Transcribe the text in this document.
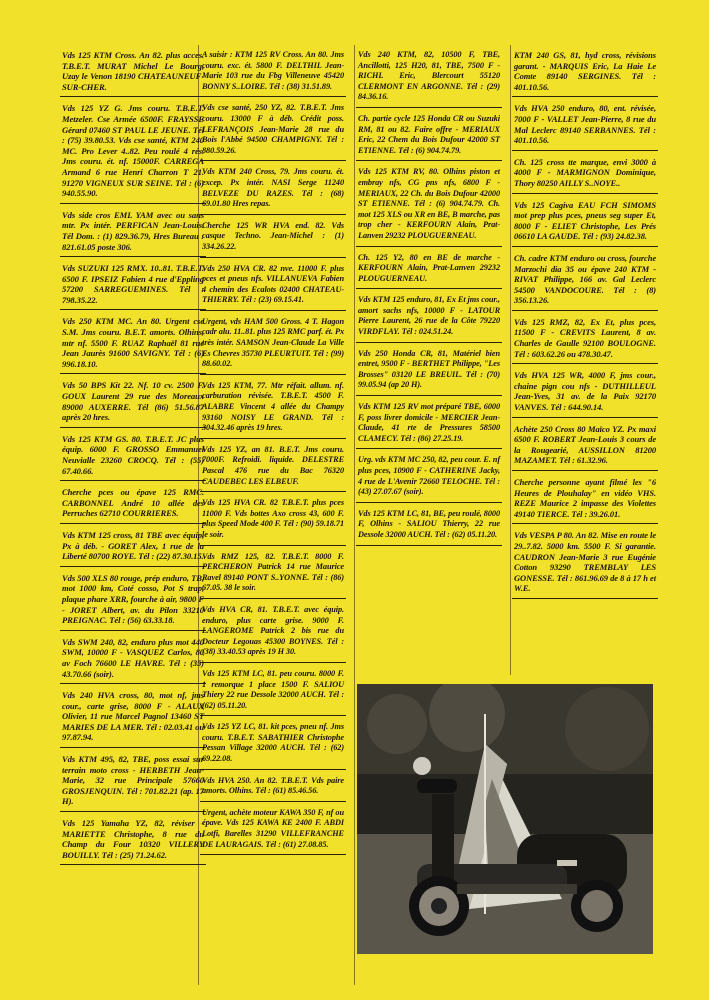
Vds 125 KTM Cross. An 82. plus acces. T.B.E.T. MURAT Michel Le Bourg, Uzay le Venon 18190 CHATEAUNEUF-SUR-CHER.
Vds 125 YZ G. Jms couru. T.B.E.T. Metzeler. Cse Armée 6500F. FRAYSSE Gérard 07460 ST PAUL LE JEUNE. Tél : (75) 39.80.53. Vds cse santé, KTM 240 MC. Pro Lever 4..82. Peu roulé 4 rés. Jms couru. ét. nf. 15000F. CARREGA Armand 6 rue Henri Charron T 21. 91270 VIGNEUX SUR SEINE. Tél : (6) 940.55.90.
Vds side cros EML YAM avec ou sans mtr. Px intér. PERFICAN Jean-Louis. Tél Dom. : (1) 829.36.79, Hres Bureau : 821.61.05 poste 306.
Vds SUZUKI 125 RMX. 10..81. T.B.E.T. 6500 F. IPSEIZ Fabien 4 rue d'Eppling 57200 SARREGUEMINES. Tél : 798.35.22.
Vds 250 KTM MC. An 80. Urgent cse S.M. Jms couru. B.E.T. amorts. Olhins, mtr nf. 5500 F. RUAZ Raphaël 81 rue Jean Jaurès 91600 SAVIGNY. Tél : (6) 996.18.10.
Vds 50 BPS Kit 22. Nf. 10 cv. 2500 F. GOUX Laurent 29 rue des Moreaux 89000 AUXERRE. Tél (86) 51.56.87 après 20 hres.
Vds 125 KTM GS. 80. T.B.E.T. JC plus équip. 6000 F. GROSSO Emmanuel Neuvialle 23260 CROCQ. Tél : (55) 67.40.66.
Cherche pces ou épave 125 RMC. CARBONNEL André 10 allée des Perruches 62710 COURRIERES.
Vds KTM 125 cross, 81 TBE avec équip, Px à déb. - GORET Alex, 1 rue de la Liberté 80700 ROYE. Tél : (22) 87.30.15.
Vds 500 XLS 80 rouge, prép enduro, TB, mot 1000 km, Coté cosso, Pot S trap, plaque phare XRR, fourche à air, 9800 F - JORET Albert, av. du Pilon 33210 PREIGNAC. Tél : (56) 63.33.18.
Vds SWM 240, 82, enduro plus mot 440 SWM, 10000 F - VASQUEZ Carlos, 80 av Foch 76600 LE HAVRE. Tél : (35) 43.70.66 (soir).
Vds 240 HVA cross, 80, mot nf, jms cour., carte grise, 8000 F - ALAUX Olivier, 11 rue Marcel Pagnol 13460 ST MARIES DE LA MER. Tél : 02.03.41 ou 97.87.94.
Vds KTM 495, 82, TBE, poss essai sur terrain moto cross - HERBETH Jean-Marie, 32 rue Principale 57660 GROSJENQUIN. Tél : 701.82.21 (ap. 17 H).
Vds 125 Yamaha YZ, 82, réviser - MARIETTE Christophe, 8 rue du Champ du Four 10320 VILLERY BOUILLY. Tél : (25) 71.24.62.
A saisir : KTM 125 RV Cross. An 80. Jms couru. exc. ét. 5800 F. DELTHIL Jean-Marie 103 rue du Fbg Villeneuve 45420 BONNY S..LOIRE. Tél : (38) 31.51.89.
Vds cse santé, 250 YZ, 82. T.B.E.T. Jms couru. 13000 F à déb. Crédit poss. LEFRANÇOIS Jean-Marie 28 rue du Bois l'Abbé 94500 CHAMPIGNY. Tél : 880.59.26.
Vds KTM 240 Cross, 79. Jms couru. ét. excep. Px intér. NASI Serge 11240 BELVEZE DU RAZES. Tél : (68) 69.01.80 Hres repas.
Cherche 125 WR HVA end. 82. Vds casque Techno. Jean-Michel : (1) 334.26.22.
Vds 250 HVA CR. 82 nve. 11000 F. plus pces et pneus nfs. VILLANUEVA Fabien 4 chemin des Ecalots 02400 CHATEAU-THIERRY. Tél : (23) 69.15.41.
Urgent, vds HAM 500 Gross. 4 T. Hagon cadr alu. 11..81. plus 125 RMC parf. ét. Px très intér. SAMSON Jean-Claude La Ville Es Chevres 35730 PLEURTUIT. Tél : (99) 88.60.02.
Vds 125 KTM, 77. Mtr réfait. allum. nf. carburation révisée. T.B.E.T. 4500 F. ALABRE Vincent 4 allée du Champy 93160 NOISY LE GRAND. Tél : 304.32.46 après 19 hres.
Vds 125 YZ, an 81. B.E.T. Jms couru. 7000F. Refroidi. liquide. DELESTRE Pascal 476 rue du Bac 76320 CAUDEBEC LES ELBEUF.
Vds 125 HVA CR. 82 T.B.E.T. plus pces 11000 F. Vds bottes Axo cross 43, 600 F. plus Speed Mode 400 F. Tél : (90) 59.18.71 le soir.
Vds RMZ 125, 82. T.B.E.T. 8000 F. PERCHERON Patrick 14 rue Maurice Ravel 89140 PONT S..YONNE. Tél : (86) 67.05. 38 le soir.
Vds HVA CR, 81. T.B.E.T. avec équip. enduro, plus carte grise. 9000 F. LANGEROME Patrick 2 bis rue du Docteur Legouas 45300 BOYNES. Tél : (38) 33.40.53 après 19 H 30.
Vds 125 KTM LC, 81. peu couru. 8000 F. 1 remorque 1 place 1500 F. SALIOU Thiery 22 rue Dessole 32000 AUCH. Tél : (62) 05.11.20.
Vds 125 YZ LC, 81. kit pces, pneu nf. Jms couru. T.B.E.T. SABATHIER Christophe Pessan Village 32000 AUCH. Tél : (62) 69.22.08.
Vds HVA 250. An 82. T.B.E.T. Vds paire amorts. Olhins. Tél : (61) 85.46.56.
Urgent, achète moteur KAWA 350 F, nf ou épave. Vds 125 KAWA KE 2400 F. ABDI Lotfi, Barelles 31290 VILLEFRANCHE DE LAURAGAIS. Tél : (61) 27.08.85.
Vds 240 KTM, 82, 10500 F, TBE, Ancillotti, 125 H20, 81, TBE, 7500 F - RICHL Eric, Blercourt 55120 CLERMONT EN ARGONNE. Tél : (29) 84.36.16.
Ch. partie cycle 125 Honda CR ou Suzuki RM, 81 ou 82. Faire offre - MERIAUX Eric, 22 Chem du Bois Dufour 42000 ST ETIENNE. Tél : (6) 904.74.79.
Vds 125 KTM RV, 80. Olhins piston et embray nfs, CG pns nfs, 6800 F - MERIAUX, 22 Ch. du Bois Dufour 42000 ST ETIENNE. Tél : (6) 904.74.79. Ch. mot 125 XLS ou XR en BE, B marche, pas trop cher - KERFOURN Alain, Prat-Lanven 29232 PLOUGUERNEAU.
Ch. 125 Y2, 80 en BE de marche - KERFOURN Alain, Prat-Lanven 29232 PLOUGUERNEAU.
Vds KTM 125 enduro, 81, Ex Et jms cour., amort sachs nfs, 10000 F - LATOUR Pierre Laurent, 26 rue de la Côte 79220 VIRDFLAY. Tél : 024.51.24.
Vds 250 Honda CR, 81, Matériel bien entret, 9500 F - BERTHET Philippe, "Les Brosses" 03120 LE BREUIL. Tél : (70) 99.05.94 (ap 20 H).
Vds KTM 125 RV mot préparé TBE, 6000 F, poss livrer domicile - MERCIER Jean-Claude, 41 rte de Pressures 58500 CLAMECY. Tél : (86) 27.25.19.
Urg. vds KTM MC 250, 82, peu cour. E. nf plus pces, 10900 F - CATHERINE Jacky, 4 rue de L'Avenir 72660 TELOCHE. Tél : (43) 27.07.67 (soir).
Vds 125 KTM LC, 81, BE, peu roulé, 8000 F, Olhins - SALIOU Thierry, 22 rue Dessole 32000 AUCH. Tél : (62) 05.11.20.
KTM 240 GS, 81, hyd cross, révisions garant. - MARQUIS Eric, La Haie Le Comte 89140 SERGINES. Tél : 401.10.56.
Vds HVA 250 enduro, 80, ent. révisée, 7000 F - VALLET Jean-Pierre, 8 rue du Mal Leclerc 89140 SERBANNES. Tél : 401.10.56.
Ch. 125 cross tte marque, envi 3000 à 4000 F - MARMIGNON Dominique, Thory 80250 AILLY S..NOYE..
Vds 125 Cagiva EAU FCH SIMOMS mot prep plus pces, pneus seg super Et, 8000 F - ELIET Christophe, Les Prés 06610 LA GAUDE. Tél : (93) 24.82.38.
Ch. cadre KTM enduro ou cross, fourche Marzochi dia 35 ou épave 240 KTM - RIVAT Philippe, 166 av. Gal Leclerc 54500 VANDOCOURE. Tél : (8) 356.13.26.
Vds 125 RMZ, 82, Ex Et, plus pces, 11500 F - CREVITS Laurent, 8 av. Charles de Gaulle 92100 BOULOGNE. Tél : 603.62.26 ou 478.30.47.
Vds HVA 125 WR, 4000 F, jms cour., chaine pign cou nfs - DUTHILLEUL Jean-Yves, 31 av. de la Paix 92170 VANVES. Tél : 644.90.14.
Achète 250 Cross 80 Maïco YZ. Px maxi 6500 F. ROBERT Jean-Louis 3 cours de la Rougearié, AUSSILLON 81200 MAZAMET. Tél : 61.32.96.
Cherche personne ayant filmé les "6 Heures de Plouhalay" en vidéo VHS. REZE Maurice 2 impasse des Violettes 49140 TIERCE. Tél : 39.26.01.
Vds VESPA P 80. An 82. Mise en route le 29..7.82. 5000 km. 5500 F. Si garantie. CAUDRON Jean-Marie 3 rue Eugénie Cotton 93290 TREMBLAY LES GONESSE. Tél : 861.96.69 de 8 à 17 h et W.E.
